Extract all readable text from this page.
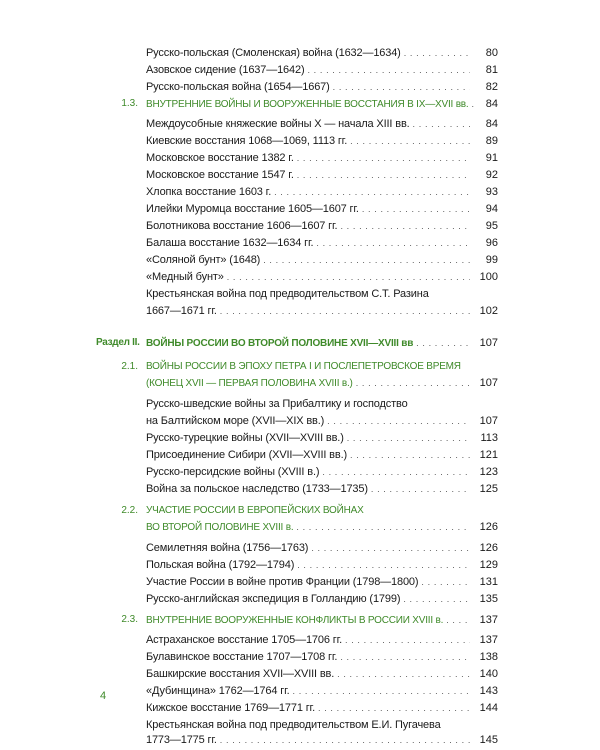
Русско-польская (Смоленская) война (1632—1634) . . .	80
Азовское сидение (1637—1642) . . .	81
Русско-польская война (1654—1667) . . .	82
1.3. ВНУТРЕННИЕ ВОЙНЫ И ВООРУЖЕННЫЕ ВОССТАНИЯ В IX—XVII вв. . . .	84
Междоусобные княжеские войны X — начала XIII вв. . . .	84
Киевские восстания 1068—1069, 1113 гг. . . .	89
Московское восстание 1382 г. . . .	91
Московское восстание 1547 г. . . .	92
Хлопка восстание 1603 г. . . .	93
Илейки Муромца восстание 1605—1607 гг. . . .	94
Болотникова восстание 1606—1607 гг. . . .	95
Балаша восстание 1632—1634 гг. . . .	96
«Соляной бунт» (1648) . . .	99
«Медный бунт» . . .	100
Крестьянская война под предводительством С.Т. Разина
1667—1671 гг. . . .	102
Раздел II. ВОЙНЫ РОССИИ ВО ВТОРОЙ ПОЛОВИНЕ XVII—XVIII вв . . .	107
2.1. ВОЙНЫ РОССИИ В ЭПОХУ ПЕТРА I И ПОСЛЕПЕТРОВСКОЕ ВРЕМЯ
(КОНЕЦ XVII — ПЕРВАЯ ПОЛОВИНА XVIII в.) . . .	107
Русско-шведские войны за Прибалтику и господство
на Балтийском море (XVII—XIX вв.) . . .	107
Русско-турецкие войны (XVII—XVIII вв.) . . .	113
Присоединение Сибири (XVII—XVIII вв.) . . .	121
Русско-персидские войны (XVIII в.) . . .	123
Война за польское наследство (1733—1735) . . .	125
2.2. УЧАСТИЕ РОССИИ В ЕВРОПЕЙСКИХ ВОЙНАХ
ВО ВТОРОЙ ПОЛОВИНЕ XVIII в. . . .	126
Семилетняя война (1756—1763) . . .	126
Польская война (1792—1794) . . .	129
Участие России в войне против Франции (1798—1800) . . .	131
Русско-английская экспедиция в Голландию (1799) . . .	135
2.3. ВНУТРЕННИЕ ВООРУЖЕННЫЕ КОНФЛИКТЫ В РОССИИ XVIII в. . . .	137
Астраханское восстание 1705—1706 гг. . . .	137
Булавинское восстание 1707—1708 гг. . . .	138
Башкирские восстания XVII—XVIII вв. . . .	140
«Дубинщина» 1762—1764 гг. . . .	143
Кижское восстание 1769—1771 гг. . . .	144
Крестьянская война под предводительством Е.И. Пугачева
1773—1775 гг. . . .	145
4
